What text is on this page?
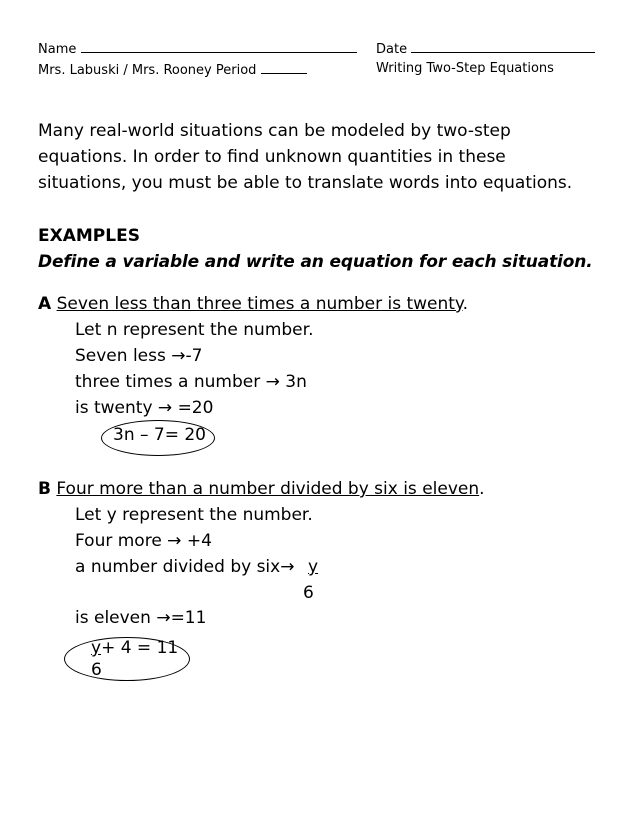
Name	Date
Mrs. Labuski / Mrs. Rooney Period	Writing Two-Step Equations
Many real-world situations can be modeled by two-step
equations. In order to find unknown quantities in these
situations, you must be able to translate words into equations.
EXAMPLES
Define a variable and write an equation for each situation.
A Seven less than three times a number is twenty.
Let n represent the number.
Seven less →-7
three times a number → 3n
is twenty → =20
3n – 7= 20
B Four more than a number divided by six is eleven.
Let y represent the number.
Four more → +4
a number divided by six→ y
6
is eleven →=11
y+ 4 = 11
6
